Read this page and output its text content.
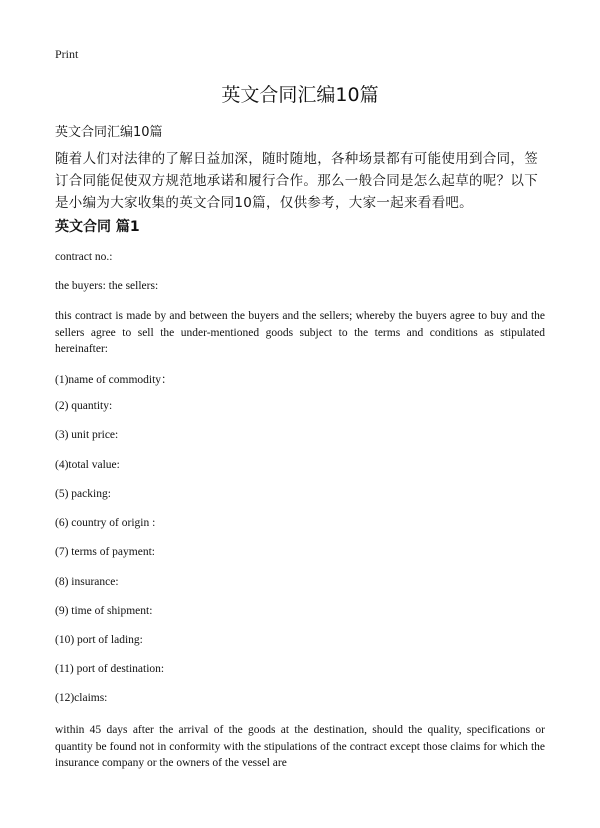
Print
英文合同汇编10篇

英文合同汇编10篇

随着人们对法律的了解日益加深，随时随地，各种场景都有可能使用到合同，签订合同能促使双方规范地承诺和履行合作。那么一般合同是怎么起草的呢？以下是小编为大家收集的英文合同10篇，仅供参考，大家一起来看看吧。

英文合同 篇1

contract no.:

the buyers: the sellers:

this contract is made by and between the buyers and the sellers; whereby the buyers agree to buy and the sellers agree to sell the under-mentioned goods subject to the terms and conditions as stipulated hereinafter:

(1)name of commodity：

(2) quantity:

(3) unit price:

(4)total value:

(5) packing:

(6) country of origin :

(7) terms of payment:

(8) insurance:

(9) time of shipment:

(10) port of lading:

(11) port of destination:

(12)claims:

within 45 days after the arrival of the goods at the destination, should the quality, specifications or quantity be found not in conformity with the stipulations of the contract except those claims for which the insurance company or the owners of the vessel are
